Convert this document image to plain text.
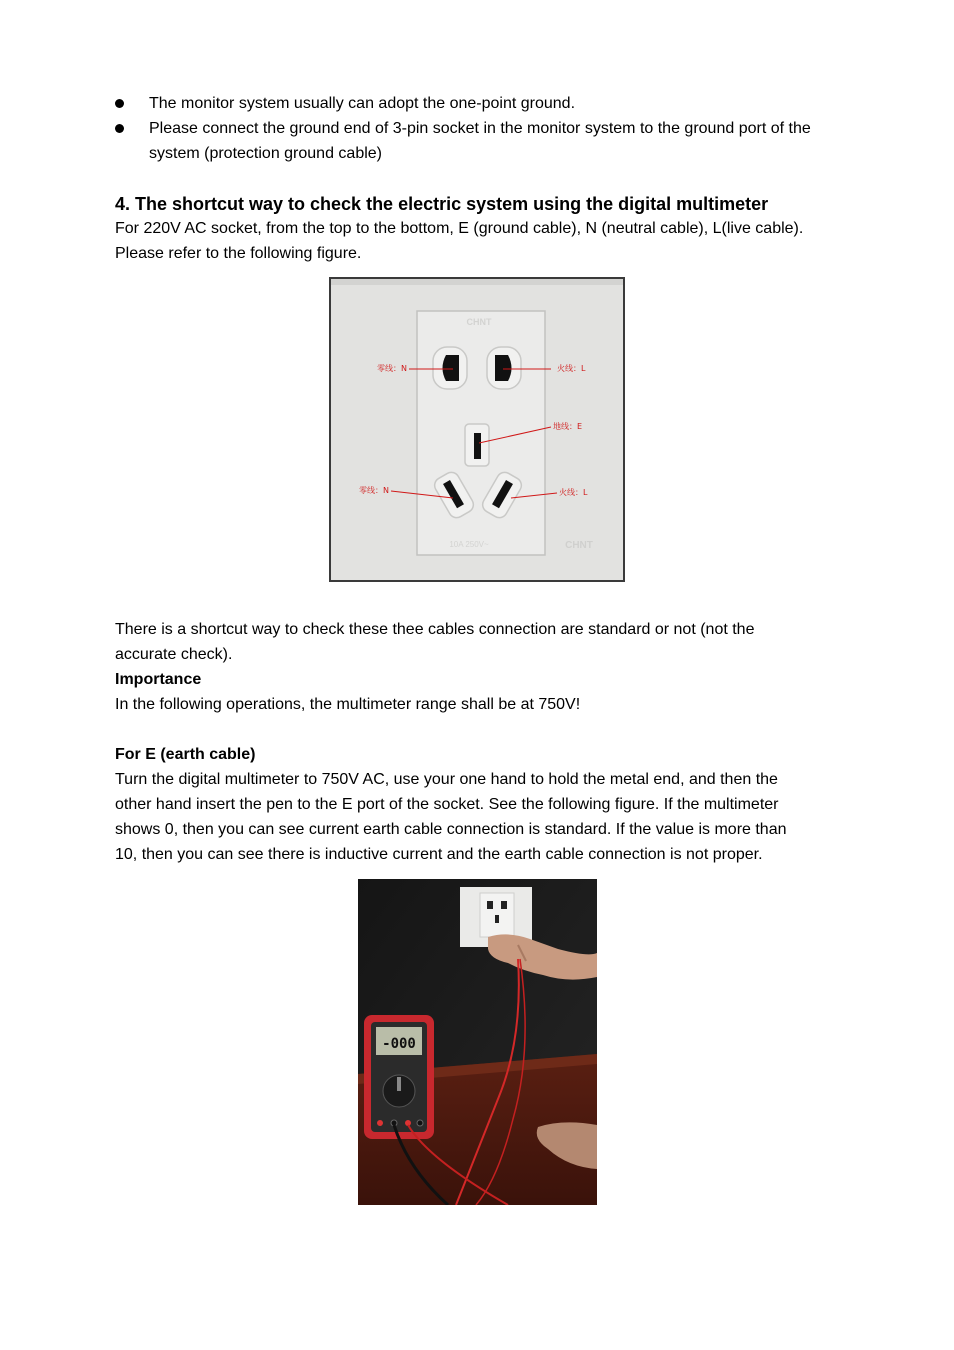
The monitor system usually can adopt the one-point ground.
Please connect the ground end of 3-pin socket in the monitor system to the ground port of the system (protection ground cable)
4. The shortcut way to check the electric system using the digital multimeter

For 220V AC socket, from the top to the bottom, E (ground cable), N (neutral cable), L(live cable).

Please refer to the following figure.

CHNT
CHNT
10A 250V~
零线：N	火线：L
地线：E
零线：N	火线：L

There is a shortcut way to check these thee cables connection are standard or not (not the

accurate check).

Importance

In the following operations, the multimeter range shall be at 750V!

For E (earth cable)

Turn the digital multimeter to 750V AC, use your one hand to hold the metal end, and then the

other hand insert the pen to the E port of the socket. See the following figure. If the multimeter

shows 0, then you can see current earth cable connection is standard. If the value is more than

10, then you can see there is inductive current and the earth cable connection is not proper.

-000
